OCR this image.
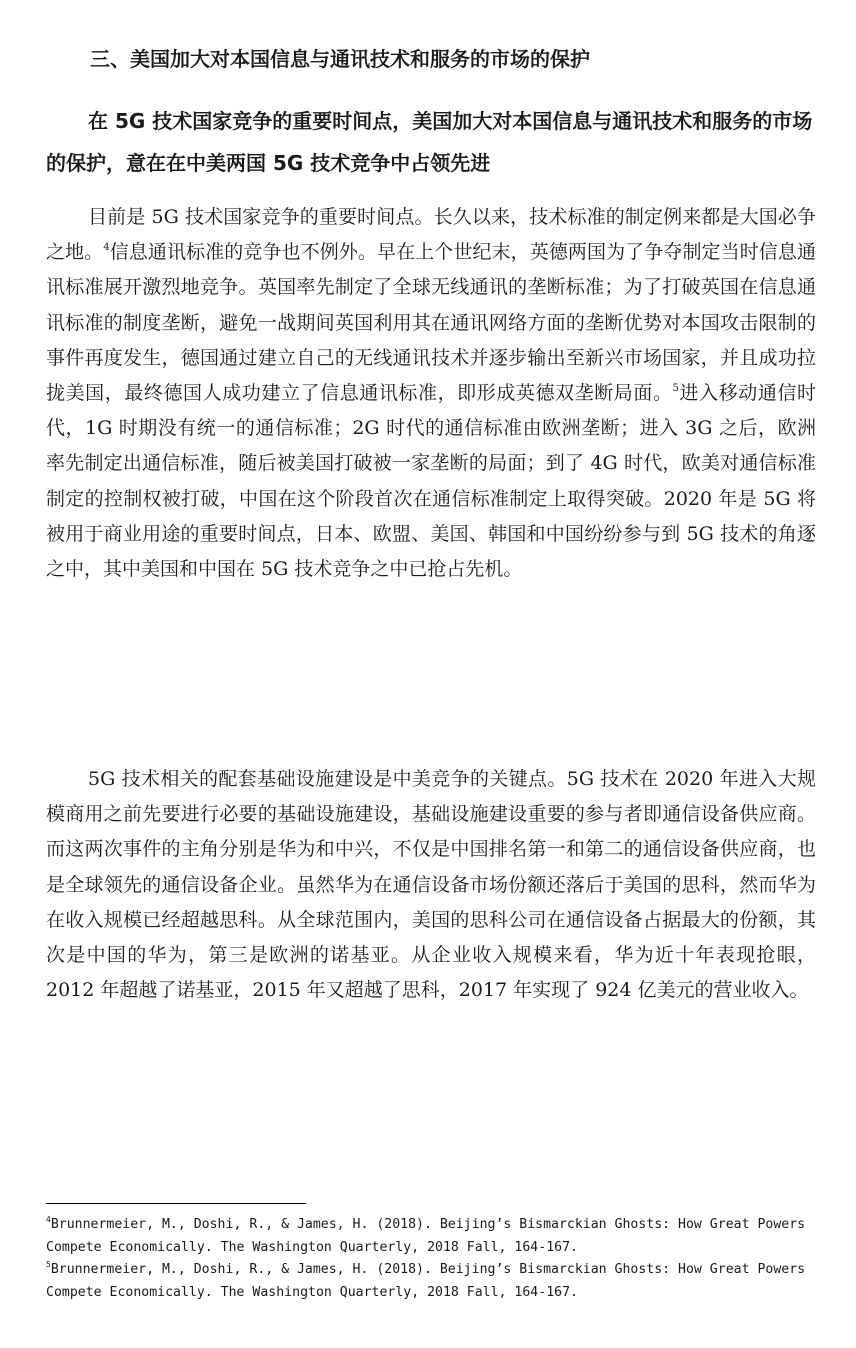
三、美国加大对本国信息与通讯技术和服务的市场的保护
在 5G 技术国家竞争的重要时间点，美国加大对本国信息与通讯技术和服务的市场的保护，意在在中美两国 5G 技术竞争中占领先进

目前是 5G 技术国家竞争的重要时间点。长久以来，技术标准的制定例来都是大国必争之地。$^4$信息通讯标准的竞争也不例外。早在上个世纪末，英德两国为了争夺制定当时信息通讯标准展开激烈地竞争。英国率先制定了全球无线通讯的垄断标准；为了打破英国在信息通讯标准的制度垄断，避免一战期间英国利用其在通讯网络方面的垄断优势对本国攻击限制的事件再度发生，德国通过建立自己的无线通讯技术并逐步输出至新兴市场国家，并且成功拉拢美国，最终德国人成功建立了信息通讯标准，即形成英德双垄断局面。$^5$进入移动通信时代，1G 时期没有统一的通信标准；2G 时代的通信标准由欧洲垄断；进入 3G 之后，欧洲率先制定出通信标准，随后被美国打破被一家垄断的局面；到了 4G 时代，欧美对通信标准制定的控制权被打破，中国在这个阶段首次在通信标准制定上取得突破。2020 年是 5G 将被用于商业用途的重要时间点，日本、欧盟、美国、韩国和中国纷纷参与到 5G 技术的角逐之中，其中美国和中国在 5G 技术竞争之中已抢占先机。

5G 技术相关的配套基础设施建设是中美竞争的关键点。5G 技术在 2020 年进入大规模商用之前先要进行必要的基础设施建设，基础设施建设重要的参与者即通信设备供应商。而这两次事件的主角分别是华为和中兴，不仅是中国排名第一和第二的通信设备供应商，也是全球领先的通信设备企业。虽然华为在通信设备市场份额还落后于美国的思科，然而华为在收入规模已经超越思科。从全球范围内，美国的思科公司在通信设备占据最大的份额，其次是中国的华为，第三是欧洲的诺基亚。从企业收入规模来看，华为近十年表现抢眼，2012 年超越了诺基亚，2015 年又超越了思科，2017 年实现了 924 亿美元的营业收入。

$^4$Brunnermeier, M., Doshi, R., & James, H. (2018). Beijing’s Bismarckian Ghosts: How Great Powers Compete Economically. The Washington Quarterly, 2018 Fall, 164-167.

$^5$Brunnermeier, M., Doshi, R., & James, H. (2018). Beijing’s Bismarckian Ghosts: How Great Powers Compete Economically. The Washington Quarterly, 2018 Fall, 164-167.
